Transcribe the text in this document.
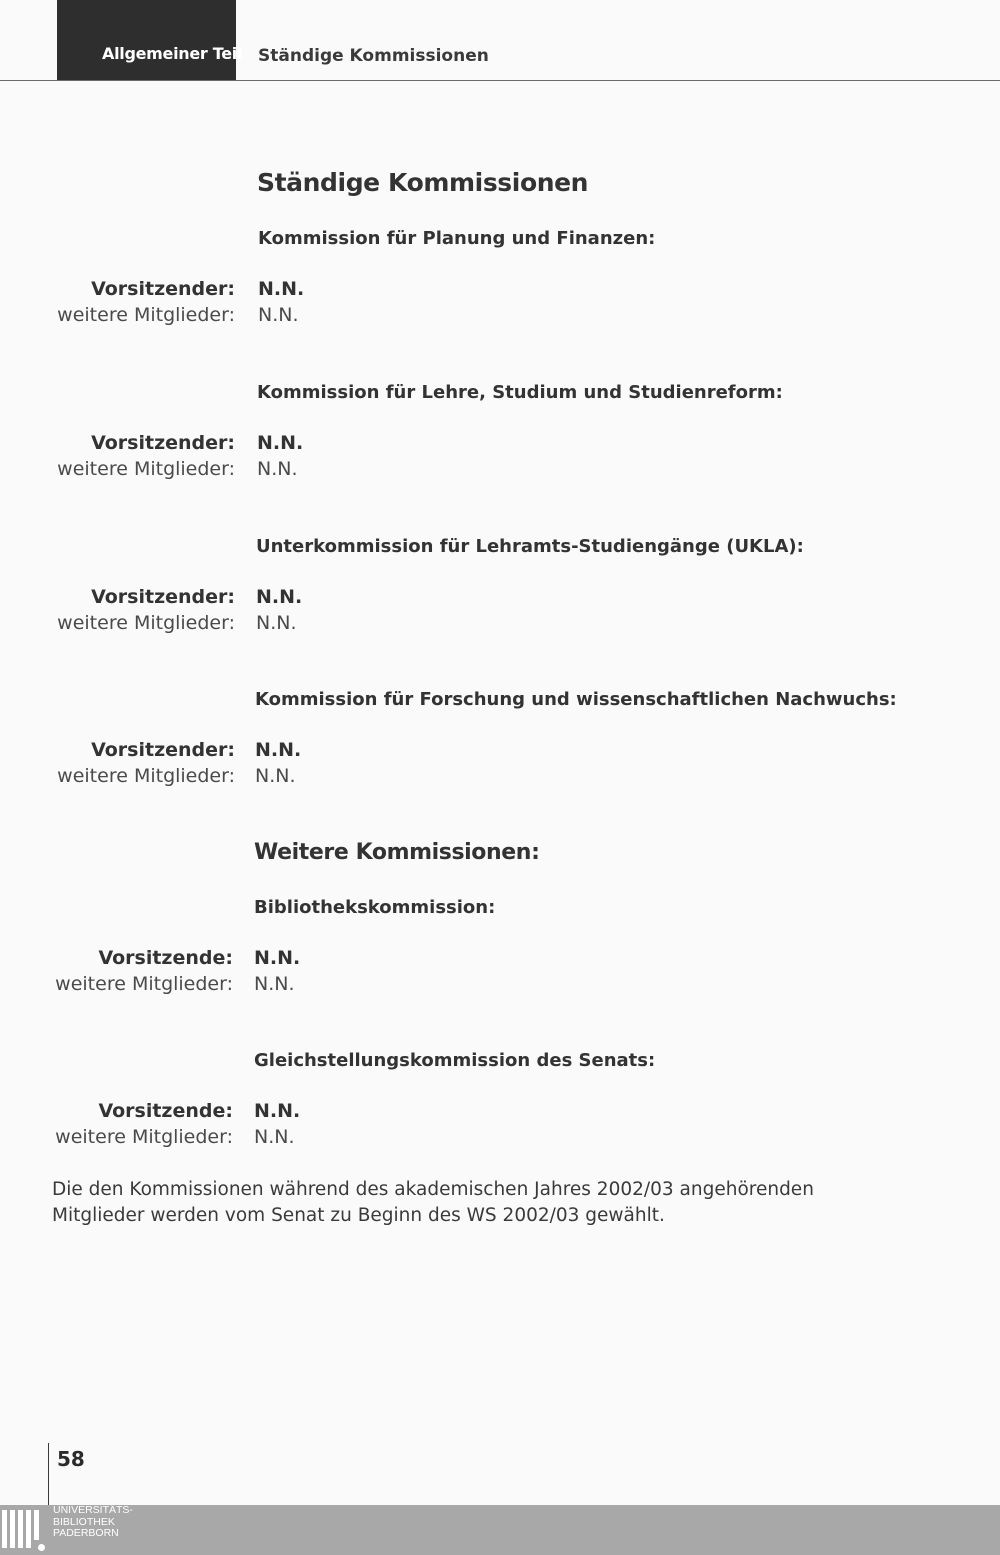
Allgemeiner Teil Ständige Kommissionen
Ständige Kommissionen
Kommission für Planung und Finanzen:
Vorsitzender: N.N.
weitere Mitglieder: N.N.
Kommission für Lehre, Studium und Studienreform:
Vorsitzender: N.N.
weitere Mitglieder: N.N.
Unterkommission für Lehramts-Studiengänge (UKLA):
Vorsitzender: N.N.
weitere Mitglieder: N.N.
Kommission für Forschung und wissenschaftlichen Nachwuchs:
Vorsitzender: N.N.
weitere Mitglieder: N.N.
Weitere Kommissionen:
Bibliothekskommission:
Vorsitzende: N.N.
weitere Mitglieder: N.N.
Gleichstellungskommission des Senats:
Vorsitzende: N.N.
weitere Mitglieder: N.N.
Die den Kommissionen während des akademischen Jahres 2002/03 angehörenden
Mitglieder werden vom Senat zu Beginn des WS 2002/03 gewählt.
58
UNIVERSITÄTS-
BIBLIOTHEK
PADERBORN
